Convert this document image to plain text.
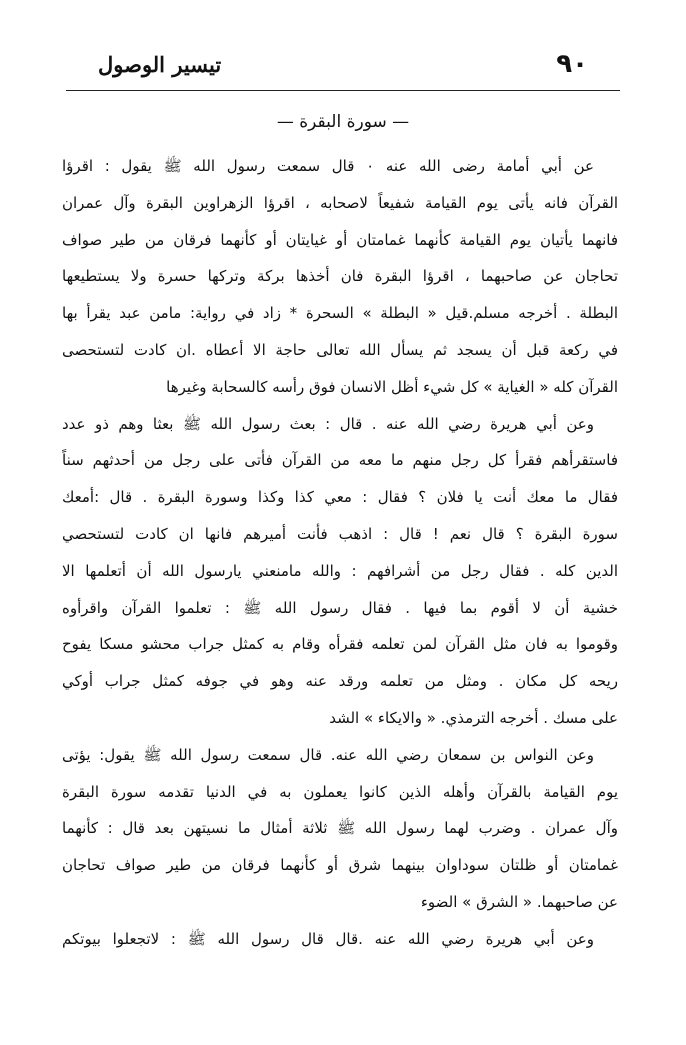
٩٠
تيسير الوصول
— سورة البقرة —
عن أبي أمامة رضى الله عنه ٠ قال سمعت رسول الله ﷺ يقول : اقرؤا
القرآن فانه يأتى يوم القيامة شفيعاً لاصحابه ، اقرؤا الزهراوين البقرة وآل عمران
فانهما يأتيان يوم القيامة كأنهما غمامتان أو غيايتان أو كأنهما فرقان من طير صواف
تحاجان عن صاحبهما ، اقرؤا البقرة فان أخذها بركة وتركها حسرة ولا يستطيعها
البطلة . أخرجه مسلم.قيل « البطلة » السحرة * زاد في رواية: مامن عبد يقرأ بها
في ركعة قبل أن يسجد ثم يسأل الله تعالى حاجة الا أعطاه .ان كادت لتستحصى
القرآن كله « الغياية » كل شيء أظل الانسان فوق رأسه كالسحابة وغيرها
وعن أبي هريرة رضي الله عنه . قال : بعث رسول الله ﷺ بعثا وهم ذو عدد
فاستقرأهم فقرأ كل رجل منهم ما معه من القرآن فأتى على رجل من أحدثهم سناً
فقال ما معك أنت يا فلان ؟ فقال : معي كذا وكذا وسورة البقرة . قال :أمعك
سورة البقرة ؟ قال نعم ! قال : اذهب فأنت أميرهم فانها ان كادت لتستحصي
الدين كله . فقال رجل من أشرافهم : والله مامنعني يارسول الله أن أتعلمها الا
خشية أن لا أقوم بما فيها . فقال رسول الله ﷺ : تعلموا القرآن واقرأوه
وقوموا به فان مثل القرآن لمن تعلمه فقرأه وقام به كمثل جراب محشو مسكا يفوح
ريحه كل مكان . ومثل من تعلمه ورقد عنه وهو في جوفه كمثل جراب أوكي
على مسك . أخرجه الترمذي. « والايكاء » الشد
وعن النواس بن سمعان رضي الله عنه. قال سمعت رسول الله ﷺ يقول: يؤتى
يوم القيامة بالقرآن وأهله الذين كانوا يعملون به في الدنيا تقدمه سورة البقرة
وآل عمران . وضرب لهما رسول الله ﷺ ثلاثة أمثال ما نسيتهن بعد قال : كأنهما
غمامتان أو ظلتان سوداوان بينهما شرق أو كأنهما فرقان من طير صواف تحاجان
عن صاحبهما. « الشرق » الضوء
وعن أبي هريرة رضي الله عنه .قال قال رسول الله ﷺ : لاتجعلوا بيوتكم
